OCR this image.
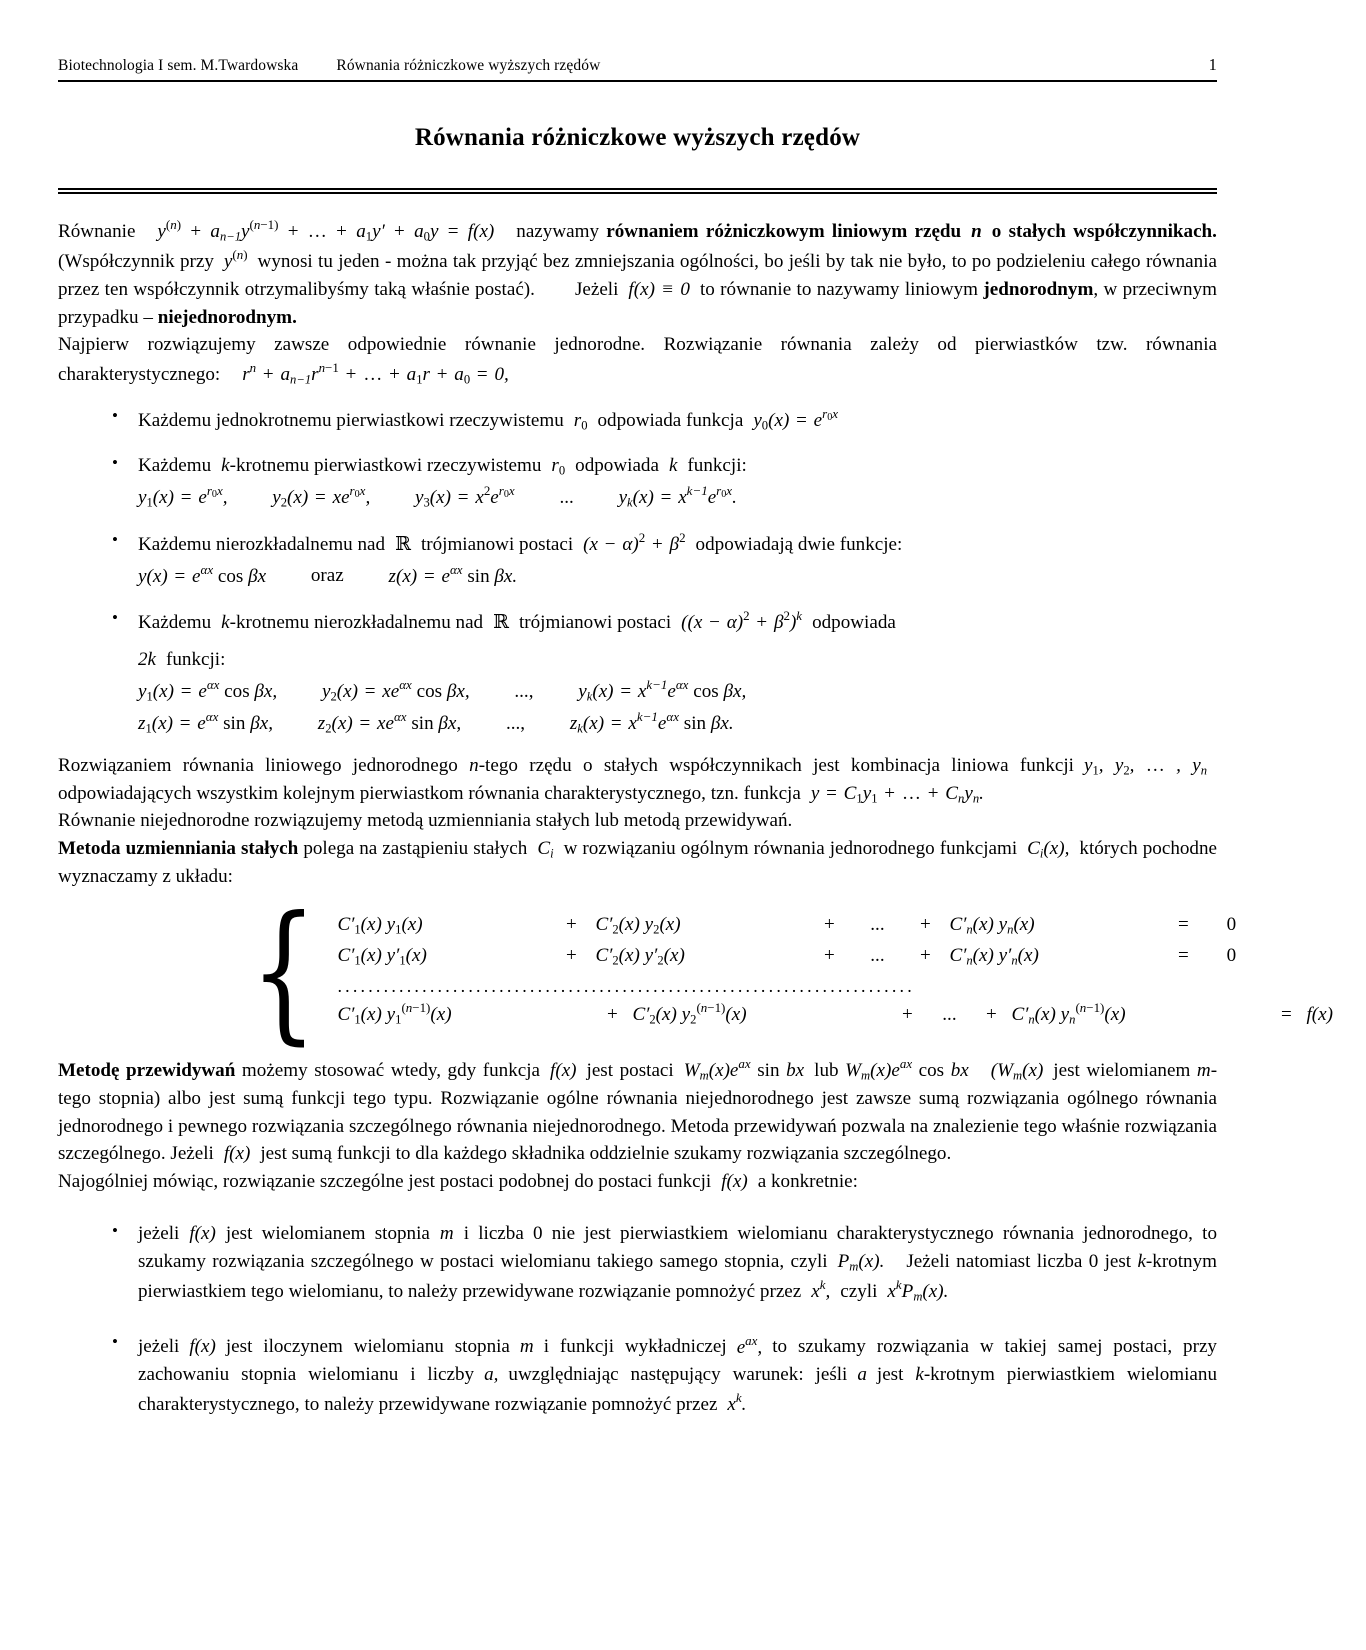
Biotechnologia I sem. M.Twardowska Równania różniczkowe wyższych rzędów	1
Równania różniczkowe wyższych rzędów

Równanie $y^{(n)} + a_{n-1}y^{(n-1)}$ + … + a1y′ + a0y = f(x) nazywamy równaniem różniczkowym liniowym rzędu n o stałych współczynnikach. (Współczynnik przy $y^{(n)}$ wynosi tu jeden - można tak przyjąć bez zmniejszania ogólności, bo jeśli by tak nie było, to po podzieleniu całego równania przez ten współczynnik otrzymalibyśmy taką właśnie postać). Jeżeli f(x) ≡ 0 to równanie to nazywamy liniowym jednorodnym, w przeciwnym przypadku – niejednorodnym.

Najpierw rozwiązujemy zawsze odpowiednie równanie jednorodne. Rozwiązanie równania zależy od pierwiastków tzw. równania charakterystycznego: $r^n + a_{n-1}r^{n-1}$ + … + a1r + a0 = 0,

• Każdemu jednokrotnemu pierwiastkowi rzeczywistemu r0 odpowiada funkcja $y0(x) = e^{r0x}$
• Każdemu k-krotnemu pierwiastkowi rzeczywistemu r0 odpowiada k funkcji:
$y1(x) = e^{r0x}$, $y2(x) = xe^{r0x}$, $y3(x) = x^2e^{r0x}$ ... $y_k(x) = x^{k-1}e^{r0x}$.
• Każdemu nierozkładalnemu nad ℝ trójmianowi postaci $(x - \alpha)^2 + \beta^2$ odpowiadają dwie funkcje:
$y(x) = e^{\alpha x}$ cos βx oraz $z(x) = e^{\alpha x}$ sin βx.
• Każdemu k-krotnemu nierozkładalnemu nad ℝ trójmianowi postaci $((x - \alpha)^2 + \beta^2)^k$ odpowiada
2k funkcji:
$y1(x) = e^{\alpha x}$ cos βx, $y2(x) = xe^{\alpha x}$ cos βx, ..., $y_k(x) = x^{k-1}e^{\alpha x}$ cos βx,
$z1(x) = e^{\alpha x}$ sin βx, $z2(x) = xe^{\alpha x}$ sin βx, ..., $z_k(x) = x^{k-1}e^{\alpha x}$ sin βx.

Rozwiązaniem równania liniowego jednorodnego n-tego rzędu o stałych współczynnikach jest kombinacja liniowa funkcji y1, y2, … , $y_nodpowiadających$ wszystkim kolejnym pierwiastkom równania charakterystycznego, tzn. funkcja y = C1y1 + … + $C_ny_n$.

Równanie niejednorodne rozwiązujemy metodą uzmienniania stałych lub metodą przewidywań.

Metoda uzmienniania stałych polega na zastąpieniu stałych $C_i$ w rozwiązaniu ogólnym równania jednorodnego funkcjami $C_i(x)$, których pochodne wyznaczamy z układu:

{ C′1(x) y1(x)	+ C′2(x) y2(x)	+	...	+ $C'_n(x)$ $y_n(x)$	=	0
C′1(x) y′1(x)	+ C′2(x) y′2(x)	+	...	+ $C'_n(x)$ $y'_n(x)$	=	0
...........................................................................
C′1(x) $y1^{(n-1)}(x)$	+ C′2(x) $y2^{(n-1)}(x)$	+	...	+ $C'_n(x)$ $y_n^{(n-1)}(x)$	= f(x)

Metodę przewidywań możemy stosować wtedy, gdy funkcja f(x) jest postaci $W_m(x)e^{ax}$ sin bx lub $W_m(x)e^{ax}$ cos bx ($W_m(x)$ jest wielomianem m-tego stopnia) albo jest sumą funkcji tego typu. Rozwiązanie ogólne równania niejednorodnego jest zawsze sumą rozwiązania ogólnego równania jednorodnego i pewnego rozwiązania szczególnego równania niejednorodnego. Metoda przewidywań pozwala na znalezienie tego właśnie rozwiązania szczególnego. Jeżeli f(x) jest sumą funkcji to dla każdego składnika oddzielnie szukamy rozwiązania szczególnego.

Najogólniej mówiąc, rozwiązanie szczególne jest postaci podobnej do postaci funkcji f(x) a konkretnie:

• jeżeli f(x) jest wielomianem stopnia m i liczba 0 nie jest pierwiastkiem wielomianu charakterystycznego równania jednorodnego, to szukamy rozwiązania szczególnego w postaci wielomianu takiego samego stopnia, czyli $P_m(x)$. Jeżeli natomiast liczba 0 jest k-krotnym pierwiastkiem tego wielomianu, to należy przewidywane rozwiązanie pomnożyć przez $x^k$, czyli $x^kP_m(x)$.
• jeżeli f(x) jest iloczynem wielomianu stopnia m i funkcji wykładniczej $e^{ax}$, to szukamy rozwiązania w takiej samej postaci, przy zachowaniu stopnia wielomianu i liczby a, uwzględniając następujący warunek: jeśli a jest k-krotnym pierwiastkiem wielomianu charakterystycznego, to należy przewidywane rozwiązanie pomnożyć przez $x^k$.
